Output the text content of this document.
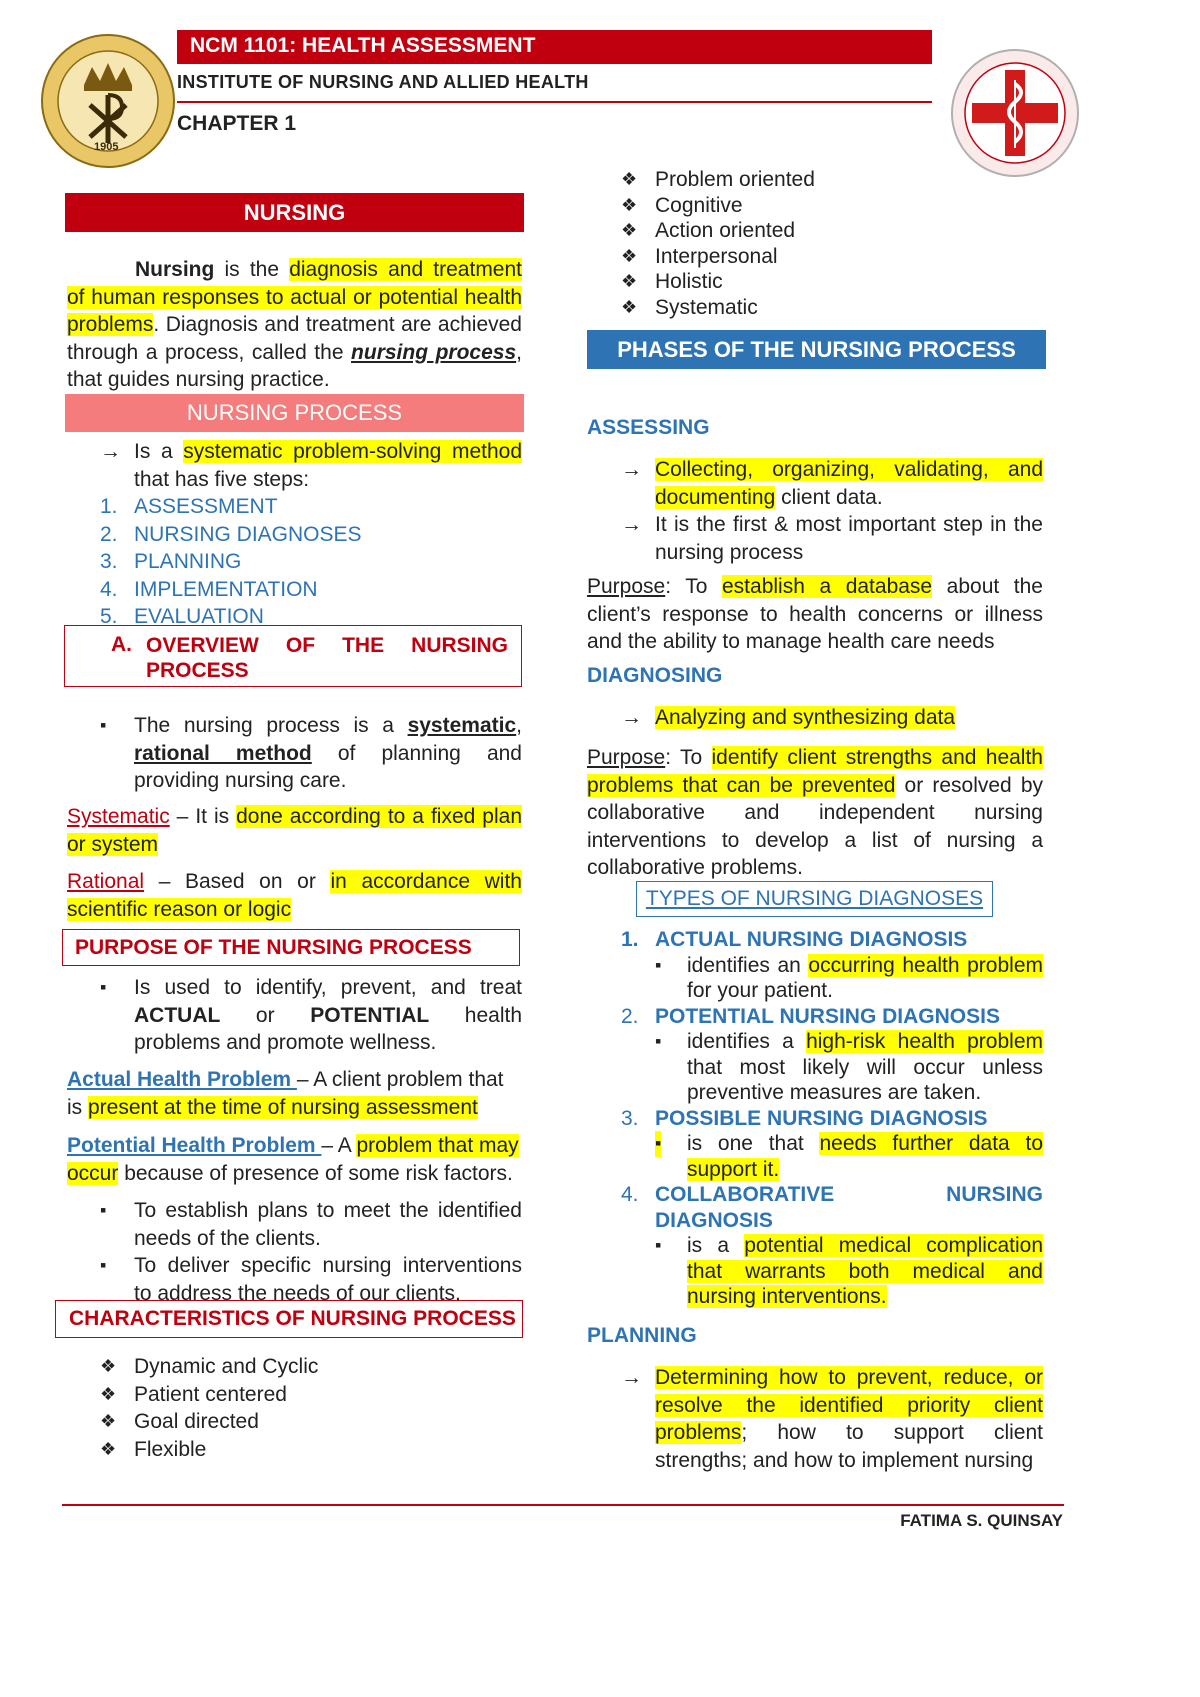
1905
NCM 1101: HEALTH ASSESSMENT
INSTITUTE OF NURSING AND ALLIED HEALTH
CHAPTER 1
NURSING
Nursing is the diagnosis and treatment of human responses to actual or potential health problems. Diagnosis and treatment are achieved through a process, called the nursing process, that guides nursing practice.
NURSING PROCESS
→ Is a systematic problem-solving method that has five steps:
1. ASSESSMENT
2. NURSING DIAGNOSES
3. PLANNING
4. IMPLEMENTATION
5. EVALUATION
A. OVERVIEW OF THE NURSING PROCESS
▪ The nursing process is a systematic, rational method of planning and providing nursing care.
Systematic – It is done according to a fixed plan or system
Rational – Based on or in accordance with scientific reason or logic
PURPOSE OF THE NURSING PROCESS
▪ Is used to identify, prevent, and treat ACTUAL or POTENTIAL health problems and promote wellness.
Actual Health Problem – A client problem that is present at the time of nursing assessment
Potential Health Problem – A problem that may occur because of presence of some risk factors.
▪ To establish plans to meet the identified needs of the clients.
▪ To deliver specific nursing interventions to address the needs of our clients.
CHARACTERISTICS OF NURSING PROCESS
❖ Dynamic and Cyclic
❖ Patient centered
❖ Goal directed
❖ Flexible
❖ Problem oriented
❖ Cognitive
❖ Action oriented
❖ Interpersonal
❖ Holistic
❖ Systematic
PHASES OF THE NURSING PROCESS
ASSESSING
→ Collecting, organizing, validating, and documenting client data.
→ It is the first & most important step in the nursing process
Purpose: To establish a database about the client’s response to health concerns or illness and the ability to manage health care needs
DIAGNOSING
→ Analyzing and synthesizing data
Purpose: To identify client strengths and health problems that can be prevented or resolved by collaborative and independent nursing interventions to develop a list of nursing a collaborative problems.
TYPES OF NURSING DIAGNOSES
1. ACTUAL NURSING DIAGNOSIS
▪ identifies an occurring health problem for your patient.
2. POTENTIAL NURSING DIAGNOSIS
▪ identifies a high-risk health problem that most likely will occur unless preventive measures are taken.
3. POSSIBLE NURSING DIAGNOSIS
▪ is one that needs further data to support it.
4. COLLABORATIVE NURSING DIAGNOSIS
▪ is a potential medical complication that warrants both medical and nursing interventions.
PLANNING
→ Determining how to prevent, reduce, or resolve the identified priority client problems; how to support client strengths; and how to implement nursing
FATIMA S. QUINSAY
